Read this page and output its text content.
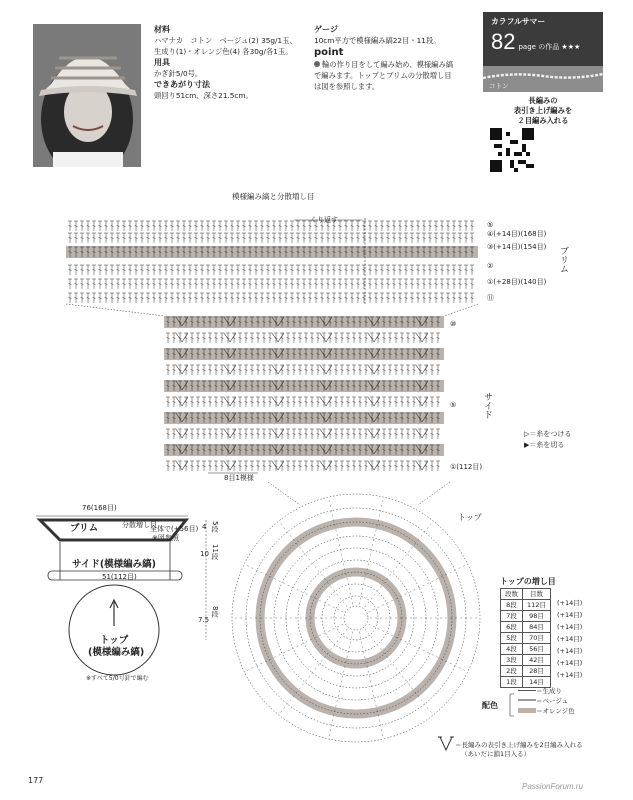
材料
ハマナカ　コトン　ベージュ(2) 35g/1玉、
生成り(1)・オレンジ色(4) 各30g/各1玉。
用具
かぎ針5/0号。
できあがり寸法
頭回り51cm、深さ21.5cm。
ゲージ
10cm平方で模様編み縞22目・11段。
point
輪の作り目をして編み始め、模様編み縞
で編みます。トップとブリムの分散増し目
は図を参照します。
カラフルサマー
82 page の作品 ★★★
コトン
長編みの
表引き上げ編みを
２目編み入れる
模様編み縞と分散増し目
くり返す
ブリム
サイド
トップ
8目1模様
⑤
④(+14目)(168目)
③(+14目)(154目)
②
①(+28目)(140目)
⑪
⑩
⑤
①(112目)
▷＝糸をつける
▶＝糸を切る
76(168目)
ブリム	分散増し目
全体で(+56目)
※図参照
サイド(模様編み縞)
51(112目)
トップ
(模様編み縞)
4 5段
10 11段
7.5
8段
※すべて5/0号針で編む
トップの増し目
段数	目数
8段	112目
7段	98目
6段	84目
5段	70目
4段	56目
3段	42目
2段	28目
1段	14目
(+14目)
(+14目)
(+14目)
(+14目)
(+14目)
(+14目)
(+14目)
配色
＝生成り
＝ベージュ
＝オレンジ色
＝長編みの表引き上げ編みを2目編み入れる
（あいだに鎖1目入る）
177
PassionForum.ru
